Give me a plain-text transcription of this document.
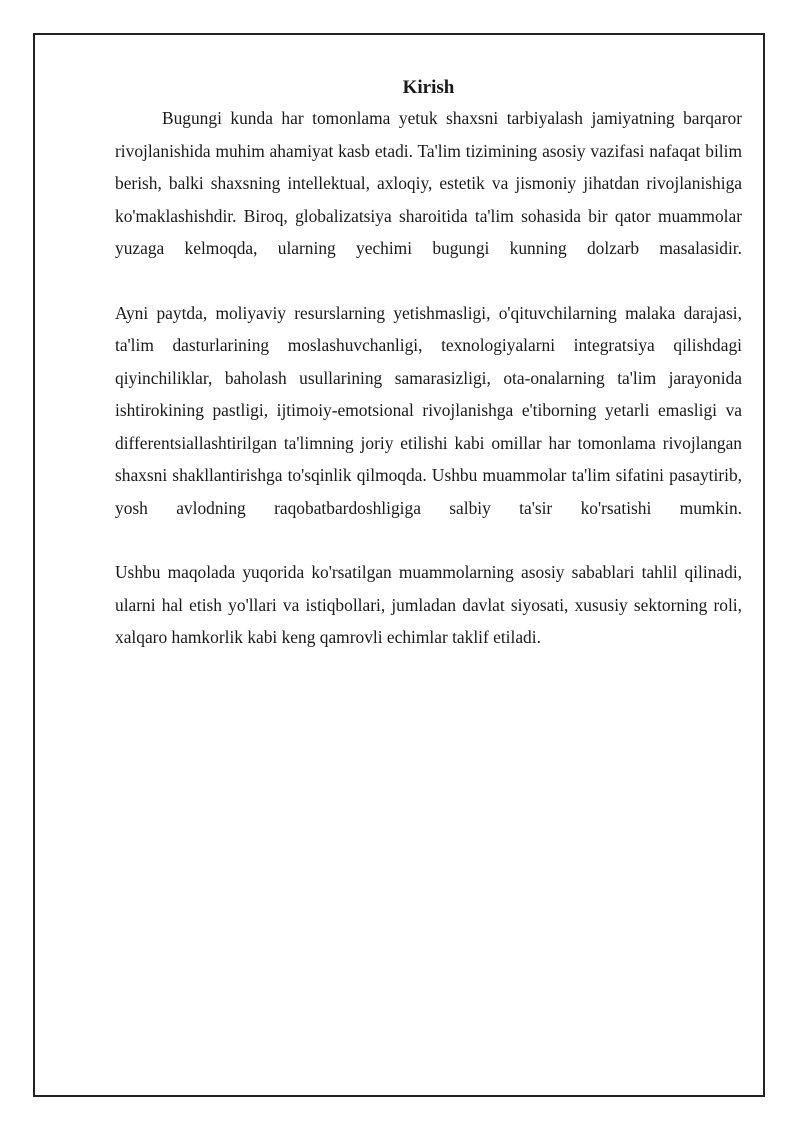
Kirish

Bugungi kunda har tomonlama yetuk shaxsni tarbiyalash jamiyatning barqaror rivojlanishida muhim ahamiyat kasb etadi. Ta'lim tizimining asosiy vazifasi nafaqat bilim berish, balki shaxsning intellektual, axloqiy, estetik va jismoniy jihatdan rivojlanishiga ko'maklashishdir. Biroq, globalizatsiya sharoitida ta'lim sohasida bir qator muammolar yuzaga kelmoqda, ularning yechimi bugungi kunning dolzarb masalasidir.

Ayni paytda, moliyaviy resurslarning yetishmasligi, o'qituvchilarning malaka darajasi, ta'lim dasturlarining moslashuvchanligi, texnologiyalarni integratsiya qilishdagi qiyinchiliklar, baholash usullarining samarasizligi, ota-onalarning ta'lim jarayonida ishtirokining pastligi, ijtimoiy-emotsional rivojlanishga e'tiborning yetarli emasligi va differentsiallashtirilgan ta'limning joriy etilishi kabi omillar har tomonlama rivojlangan shaxsni shakllantirishga to'sqinlik qilmoqda. Ushbu muammolar ta'lim sifatini pasaytirib, yosh avlodning raqobatbardoshligiga salbiy ta'sir ko'rsatishi mumkin.

Ushbu maqolada yuqorida ko'rsatilgan muammolarning asosiy sabablari tahlil qilinadi, ularni hal etish yo'llari va istiqbollari, jumladan davlat siyosati, xususiy sektorning roli, xalqaro hamkorlik kabi keng qamrovli echimlar taklif etiladi.
